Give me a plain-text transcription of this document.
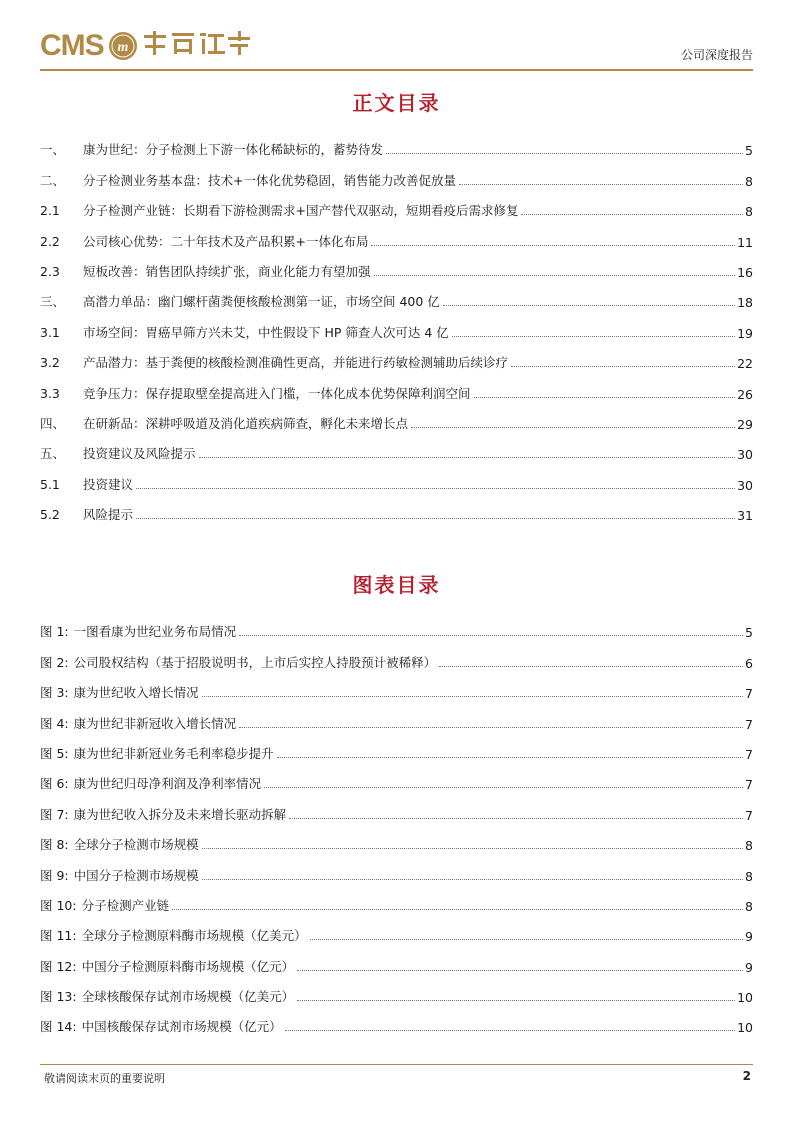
CMS m	公司深度报告
正文目录
一、 康为世纪：分子检测上下游一体化稀缺标的，蓄势待发	5
二、 分子检测业务基本盘：技术+一体化优势稳固，销售能力改善促放量	8
2.1 分子检测产业链：长期看下游检测需求+国产替代双驱动，短期看疫后需求修复	8
2.2 公司核心优势：二十年技术及产品积累+一体化布局	11
2.3 短板改善：销售团队持续扩张，商业化能力有望加强	16
三、 高潜力单品：幽门螺杆菌粪便核酸检测第一证，市场空间 400 亿	18
3.1 市场空间：胃癌早筛方兴未艾，中性假设下 HP 筛查人次可达 4 亿	19
3.2 产品潜力：基于粪便的核酸检测准确性更高，并能进行药敏检测辅助后续诊疗	22
3.3 竞争压力：保存提取壁垒提高进入门槛，一体化成本优势保障利润空间	26
四、 在研新品：深耕呼吸道及消化道疾病筛查，孵化未来增长点	29
五、 投资建议及风险提示	30
5.1 投资建议	30
5.2 风险提示	31
图表目录
图 1: 一图看康为世纪业务布局情况	5
图 2: 公司股权结构（基于招股说明书，上市后实控人持股预计被稀释）	6
图 3: 康为世纪收入增长情况	7
图 4: 康为世纪非新冠收入增长情况	7
图 5: 康为世纪非新冠业务毛利率稳步提升	7
图 6: 康为世纪归母净利润及净利率情况	7
图 7: 康为世纪收入拆分及未来增长驱动拆解	7
图 8: 全球分子检测市场规模	8
图 9: 中国分子检测市场规模	8
图 10: 分子检测产业链	8
图 11: 全球分子检测原料酶市场规模（亿美元）	9
图 12: 中国分子检测原料酶市场规模（亿元）	9
图 13: 全球核酸保存试剂市场规模（亿美元）	10
图 14: 中国核酸保存试剂市场规模（亿元）	10
敬请阅读末页的重要说明	2
